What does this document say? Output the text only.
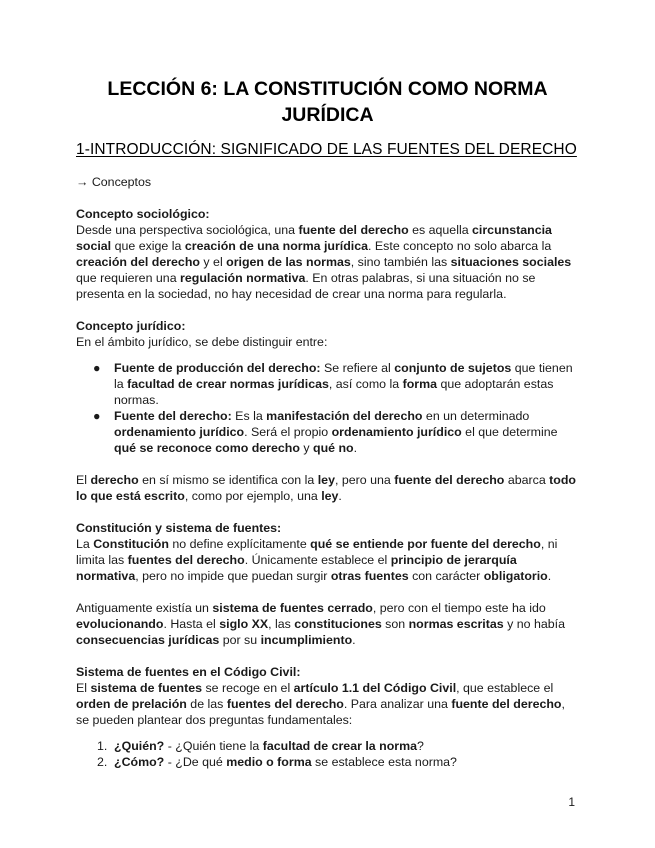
LECCIÓN 6: LA CONSTITUCIÓN COMO NORMA
JURÍDICA
1-INTRODUCCIÓN: SIGNIFICADO DE LAS FUENTES DEL DERECHO

→ Conceptos

Concepto sociológico:

Desde una perspectiva sociológica, una fuente del derecho es aquella circunstancia social que exige la creación de una norma jurídica. Este concepto no solo abarca la creación del derecho y el origen de las normas, sino también las situaciones sociales que requieren una regulación normativa. En otras palabras, si una situación no se presenta en la sociedad, no hay necesidad de crear una norma para regularla.

Concepto jurídico:

En el ámbito jurídico, se debe distinguir entre:

● Fuente de producción del derecho: Se refiere al conjunto de sujetos que tienen la facultad de crear normas jurídicas, así como la forma que adoptarán estas normas.
● Fuente del derecho: Es la manifestación del derecho en un determinado ordenamiento jurídico. Será el propio ordenamiento jurídico el que determine qué se reconoce como derecho y qué no.

El derecho en sí mismo se identifica con la ley, pero una fuente del derecho abarca todo lo que está escrito, como por ejemplo, una ley.

Constitución y sistema de fuentes:

La Constitución no define explícitamente qué se entiende por fuente del derecho, ni limita las fuentes del derecho. Únicamente establece el principio de jerarquía normativa, pero no impide que puedan surgir otras fuentes con carácter obligatorio.

Antiguamente existía un sistema de fuentes cerrado, pero con el tiempo este ha ido evolucionando. Hasta el siglo XX, las constituciones son normas escritas y no había consecuencias jurídicas por su incumplimiento.

Sistema de fuentes en el Código Civil:

El sistema de fuentes se recoge en el artículo 1.1 del Código Civil, que establece el orden de prelación de las fuentes del derecho. Para analizar una fuente del derecho, se pueden plantear dos preguntas fundamentales:

1. ¿Quién? - ¿Quién tiene la facultad de crear la norma?
2. ¿Cómo? - ¿De qué medio o forma se establece esta norma?
1
